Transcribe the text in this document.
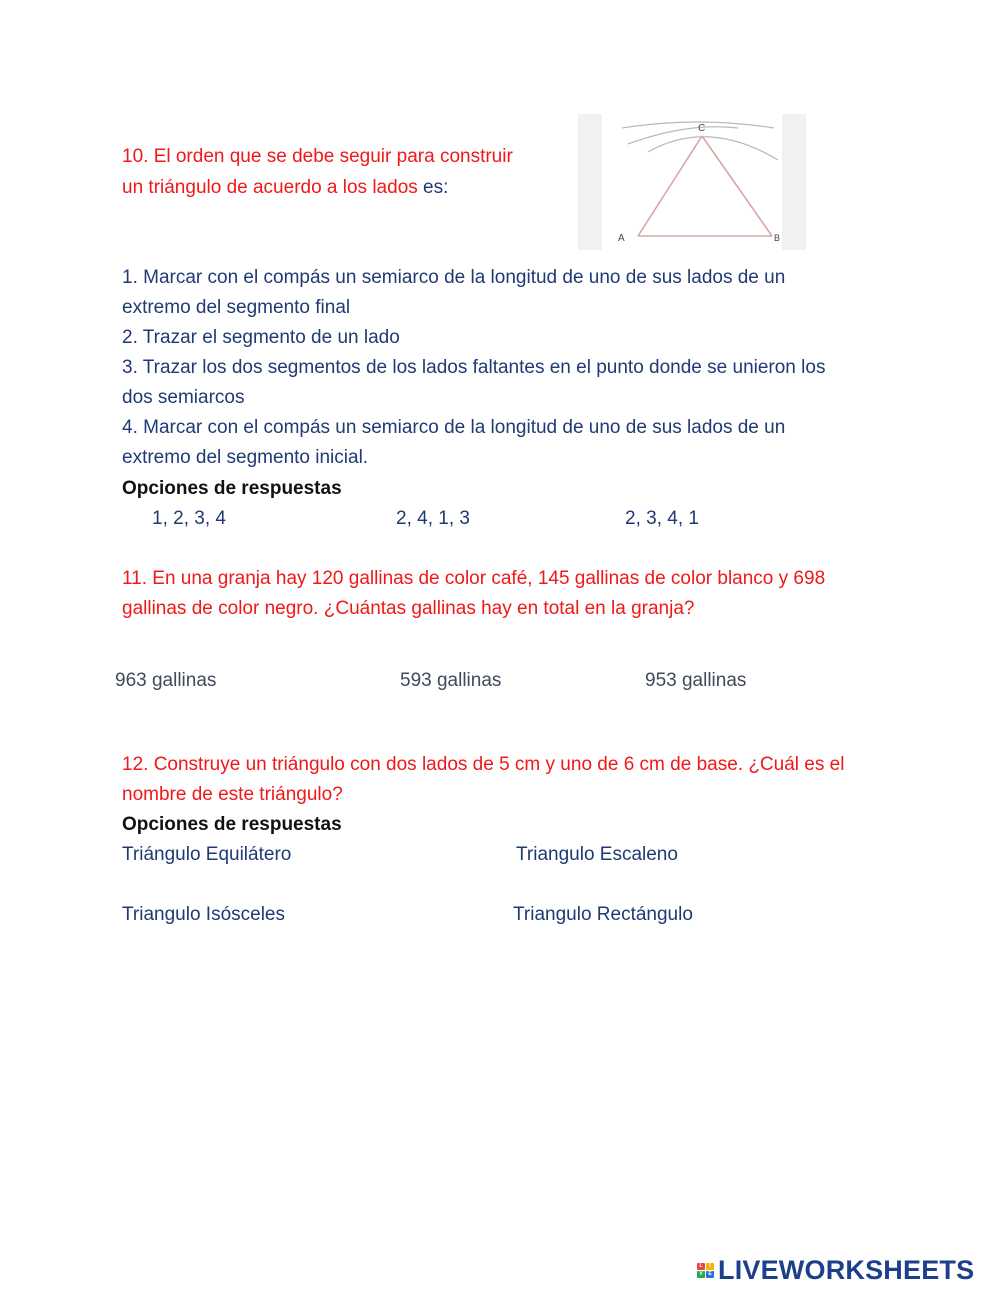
10. El orden que se debe seguir para construir
un triángulo de acuerdo a los lados es:
C
A	B
1. Marcar con el compás un semiarco de la longitud de uno de sus lados de un
extremo del segmento final
2. Trazar el segmento de un lado
3. Trazar los dos segmentos de los lados faltantes en el punto donde se unieron los
dos semiarcos
4. Marcar con el compás un semiarco de la longitud de uno de sus lados de un
extremo del segmento inicial.
Opciones de respuestas
1, 2, 3, 4	2, 4, 1, 3	2, 3, 4, 1
11. En una granja hay 120 gallinas de color café, 145 gallinas de color blanco y 698
gallinas de color negro. ¿Cuántas gallinas hay en total en la granja?
963 gallinas	593 gallinas	953 gallinas
12. Construye un triángulo con dos lados de 5 cm y uno de 6 cm de base. ¿Cuál es el
nombre de este triángulo?
Opciones de respuestas
Triángulo Equilátero	Triangulo Escaleno
Triangulo Isósceles	Triangulo Rectángulo
L	I
V	E LIVEWORKSHEETS
